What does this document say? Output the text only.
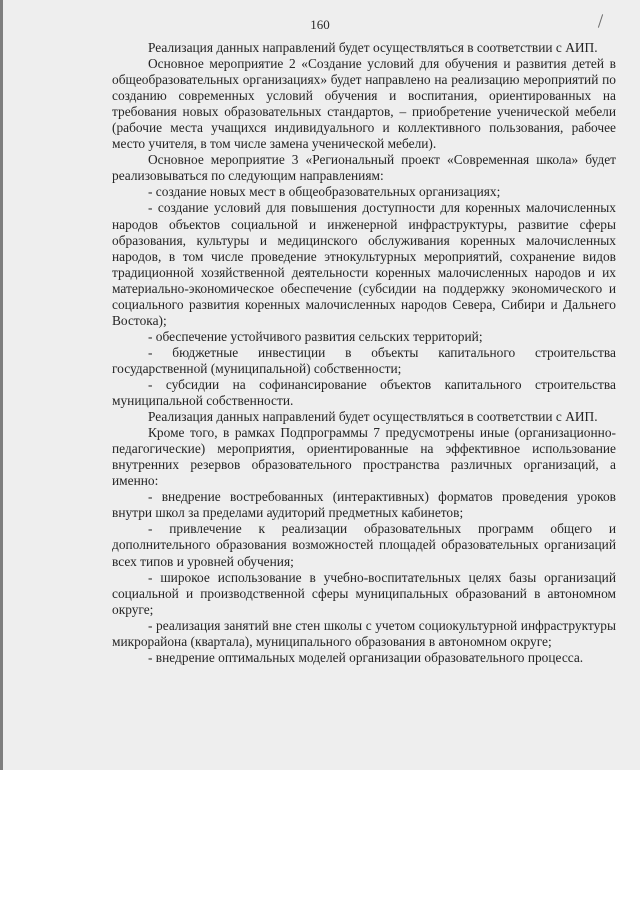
160

Реализация данных направлений будет осуществляться в соответствии с АИП.

Основное мероприятие 2 «Создание условий для обучения и развития детей в общеобразовательных организациях» будет направлено на реализацию мероприятий по созданию современных условий обучения и воспитания, ориентированных на требования новых образовательных стандартов, – приобретение ученической мебели (рабочие места учащихся индивидуального и коллективного пользования, рабочее место учителя, в том числе замена ученической мебели).

Основное мероприятие 3 «Региональный проект «Современная школа» будет реализовываться по следующим направлениям:

- создание новых мест в общеобразовательных организациях;

- создание условий для повышения доступности для коренных малочисленных народов объектов социальной и инженерной инфраструктуры, развитие сферы образования, культуры и медицинского обслуживания коренных малочисленных народов, в том числе проведение этнокультурных мероприятий, сохранение видов традиционной хозяйственной деятельности коренных малочисленных народов и их материально-экономическое обеспечение (субсидии на поддержку экономического и социального развития коренных малочисленных народов Севера, Сибири и Дальнего Востока);

- обеспечение устойчивого развития сельских территорий;

- бюджетные инвестиции в объекты капитального строительства государственной (муниципальной) собственности;

- субсидии на софинансирование объектов капитального строительства муниципальной собственности.

Реализация данных направлений будет осуществляться в соответствии с АИП.

Кроме того, в рамках Подпрограммы 7 предусмотрены иные (организационно-педагогические) мероприятия, ориентированные на эффективное использование внутренних резервов образовательного пространства различных организаций, а именно:

- внедрение востребованных (интерактивных) форматов проведения уроков внутри школ за пределами аудиторий предметных кабинетов;

- привлечение к реализации образовательных программ общего и дополнительного образования возможностей площадей образовательных организаций всех типов и уровней обучения;

- широкое использование в учебно-воспитательных целях базы организаций социальной и производственной сферы муниципальных образований в автономном округе;

- реализация занятий вне стен школы с учетом социокультурной инфраструктуры микрорайона (квартала), муниципального образования в автономном округе;

- внедрение оптимальных моделей организации образовательного процесса.
